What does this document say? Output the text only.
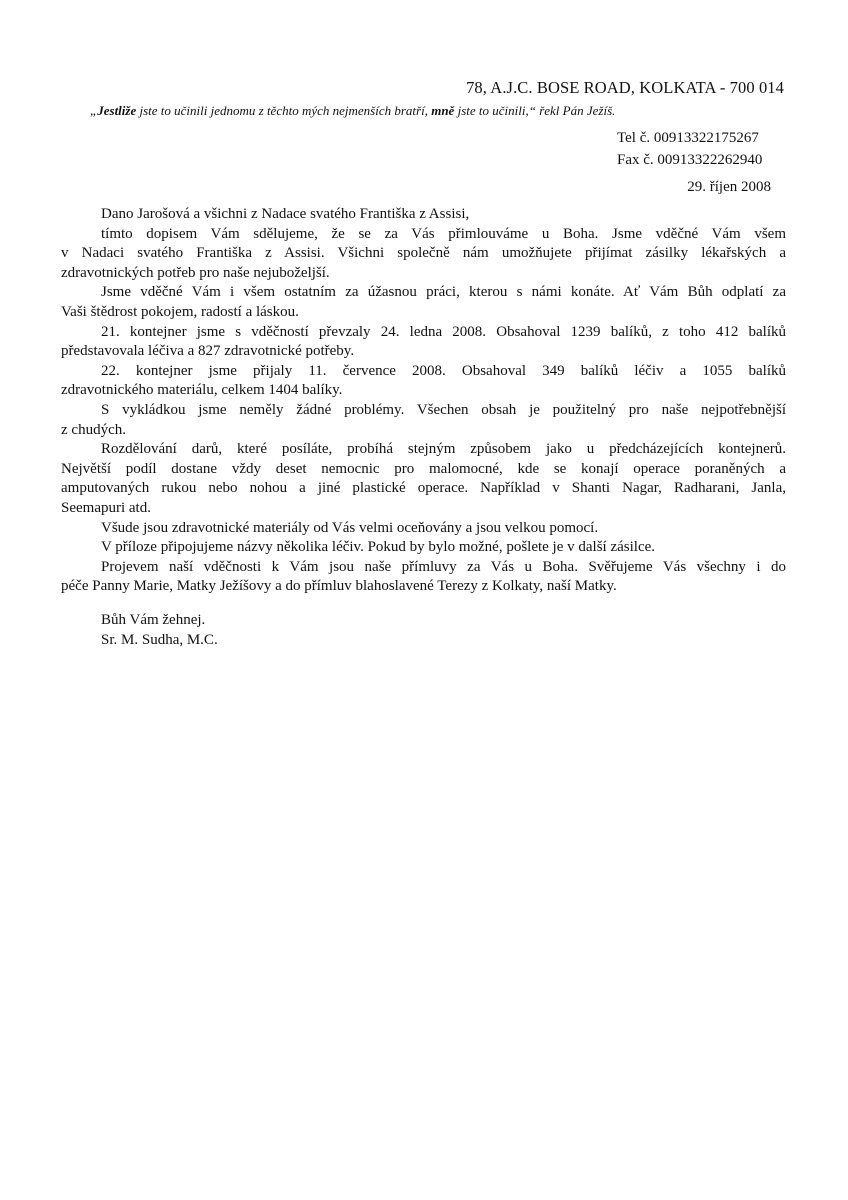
78, A.J.C. BOSE ROAD, KOLKATA - 700 014
„Jestliže jste to učinili jednomu z těchto mých nejmenších bratří, mně jste to učinili,“ řekl Pán Ježíš.
Tel č. 00913322175267
Fax č. 00913322262940
29. říjen 2008
Dano Jarošová a všichni z Nadace svatého Františka z Assisi,
tímto dopisem Vám sdělujeme, že se za Vás přimlouváme u Boha. Jsme vděčné Vám všem
v Nadaci svatého Františka z Assisi. Všichni společně nám umožňujete přijímat zásilky lékařských a
zdravotnických potřeb pro naše nejuboželjší.
Jsme vděčné Vám i všem ostatním za úžasnou práci, kterou s námi konáte. Ať Vám Bůh odplatí za
Vaši štědrost pokojem, radostí a láskou.
21. kontejner jsme s vděčností převzaly 24. ledna 2008. Obsahoval 1239 balíků, z toho 412 balíků
představovala léčiva a 827 zdravotnické potřeby.
22. kontejner jsme přijaly 11. července 2008. Obsahoval 349 balíků léčiv a 1055 balíků
zdravotnického materiálu, celkem 1404 balíky.
S vykládkou jsme neměly žádné problémy. Všechen obsah je použitelný pro naše nejpotřebnější
z chudých.
Rozdělování darů, které posíláte, probíhá stejným způsobem jako u předcházejících kontejnerů.
Největší podíl dostane vždy deset nemocnic pro malomocné, kde se konají operace poraněných a
amputovaných rukou nebo nohou a jiné plastické operace. Například v Shanti Nagar, Radharani, Janla,
Seemapuri atd.
Všude jsou zdravotnické materiály od Vás velmi oceňovány a jsou velkou pomocí.
V příloze připojujeme názvy několika léčiv. Pokud by bylo možné, pošlete je v další zásilce.
Projevem naší vděčnosti k Vám jsou naše přímluvy za Vás u Boha. Svěřujeme Vás všechny i do
péče Panny Marie, Matky Ježíšovy a do přímluv blahoslavené Terezy z Kolkaty, naší Matky.
Bůh Vám žehnej.
Sr. M. Sudha, M.C.
